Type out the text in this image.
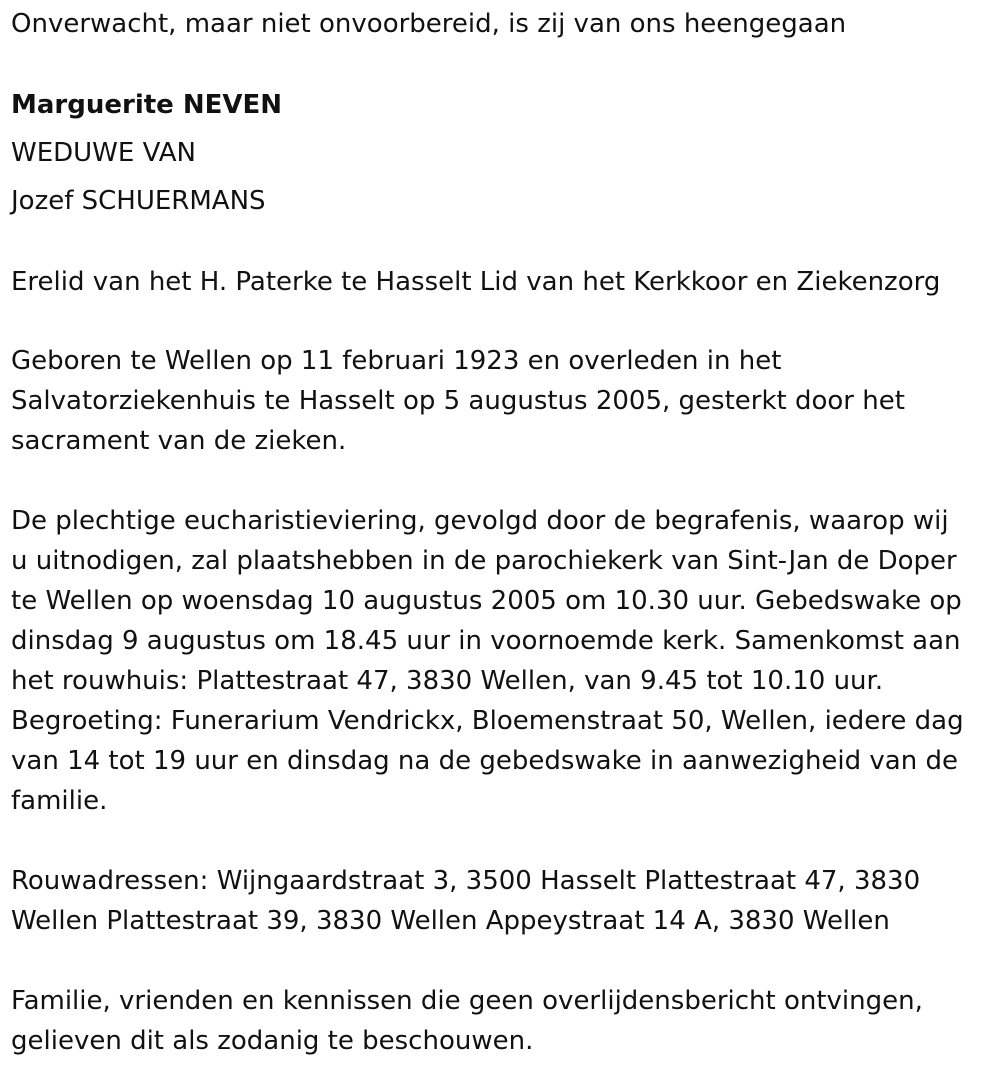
Onverwacht, maar niet onvoorbereid, is zij van ons heengegaan
Marguerite NEVEN
WEDUWE VAN
Jozef SCHUERMANS
Erelid van het H. Paterke te Hasselt Lid van het Kerkkoor en Ziekenzorg
Geboren te Wellen op 11 februari 1923 en overleden in het
Salvatorziekenhuis te Hasselt op 5 augustus 2005, gesterkt door het
sacrament van de zieken.
De plechtige eucharistieviering, gevolgd door de begrafenis, waarop wij
u uitnodigen, zal plaatshebben in de parochiekerk van Sint-Jan de Doper
te Wellen op woensdag 10 augustus 2005 om 10.30 uur. Gebedswake op
dinsdag 9 augustus om 18.45 uur in voornoemde kerk. Samenkomst aan
het rouwhuis: Plattestraat 47, 3830 Wellen, van 9.45 tot 10.10 uur.
Begroeting: Funerarium Vendrickx, Bloemenstraat 50, Wellen, iedere dag
van 14 tot 19 uur en dinsdag na de gebedswake in aanwezigheid van de
familie.
Rouwadressen: Wijngaardstraat 3, 3500 Hasselt Plattestraat 47, 3830
Wellen Plattestraat 39, 3830 Wellen Appeystraat 14 A, 3830 Wellen
Familie, vrienden en kennissen die geen overlijdensbericht ontvingen,
gelieven dit als zodanig te beschouwen.
